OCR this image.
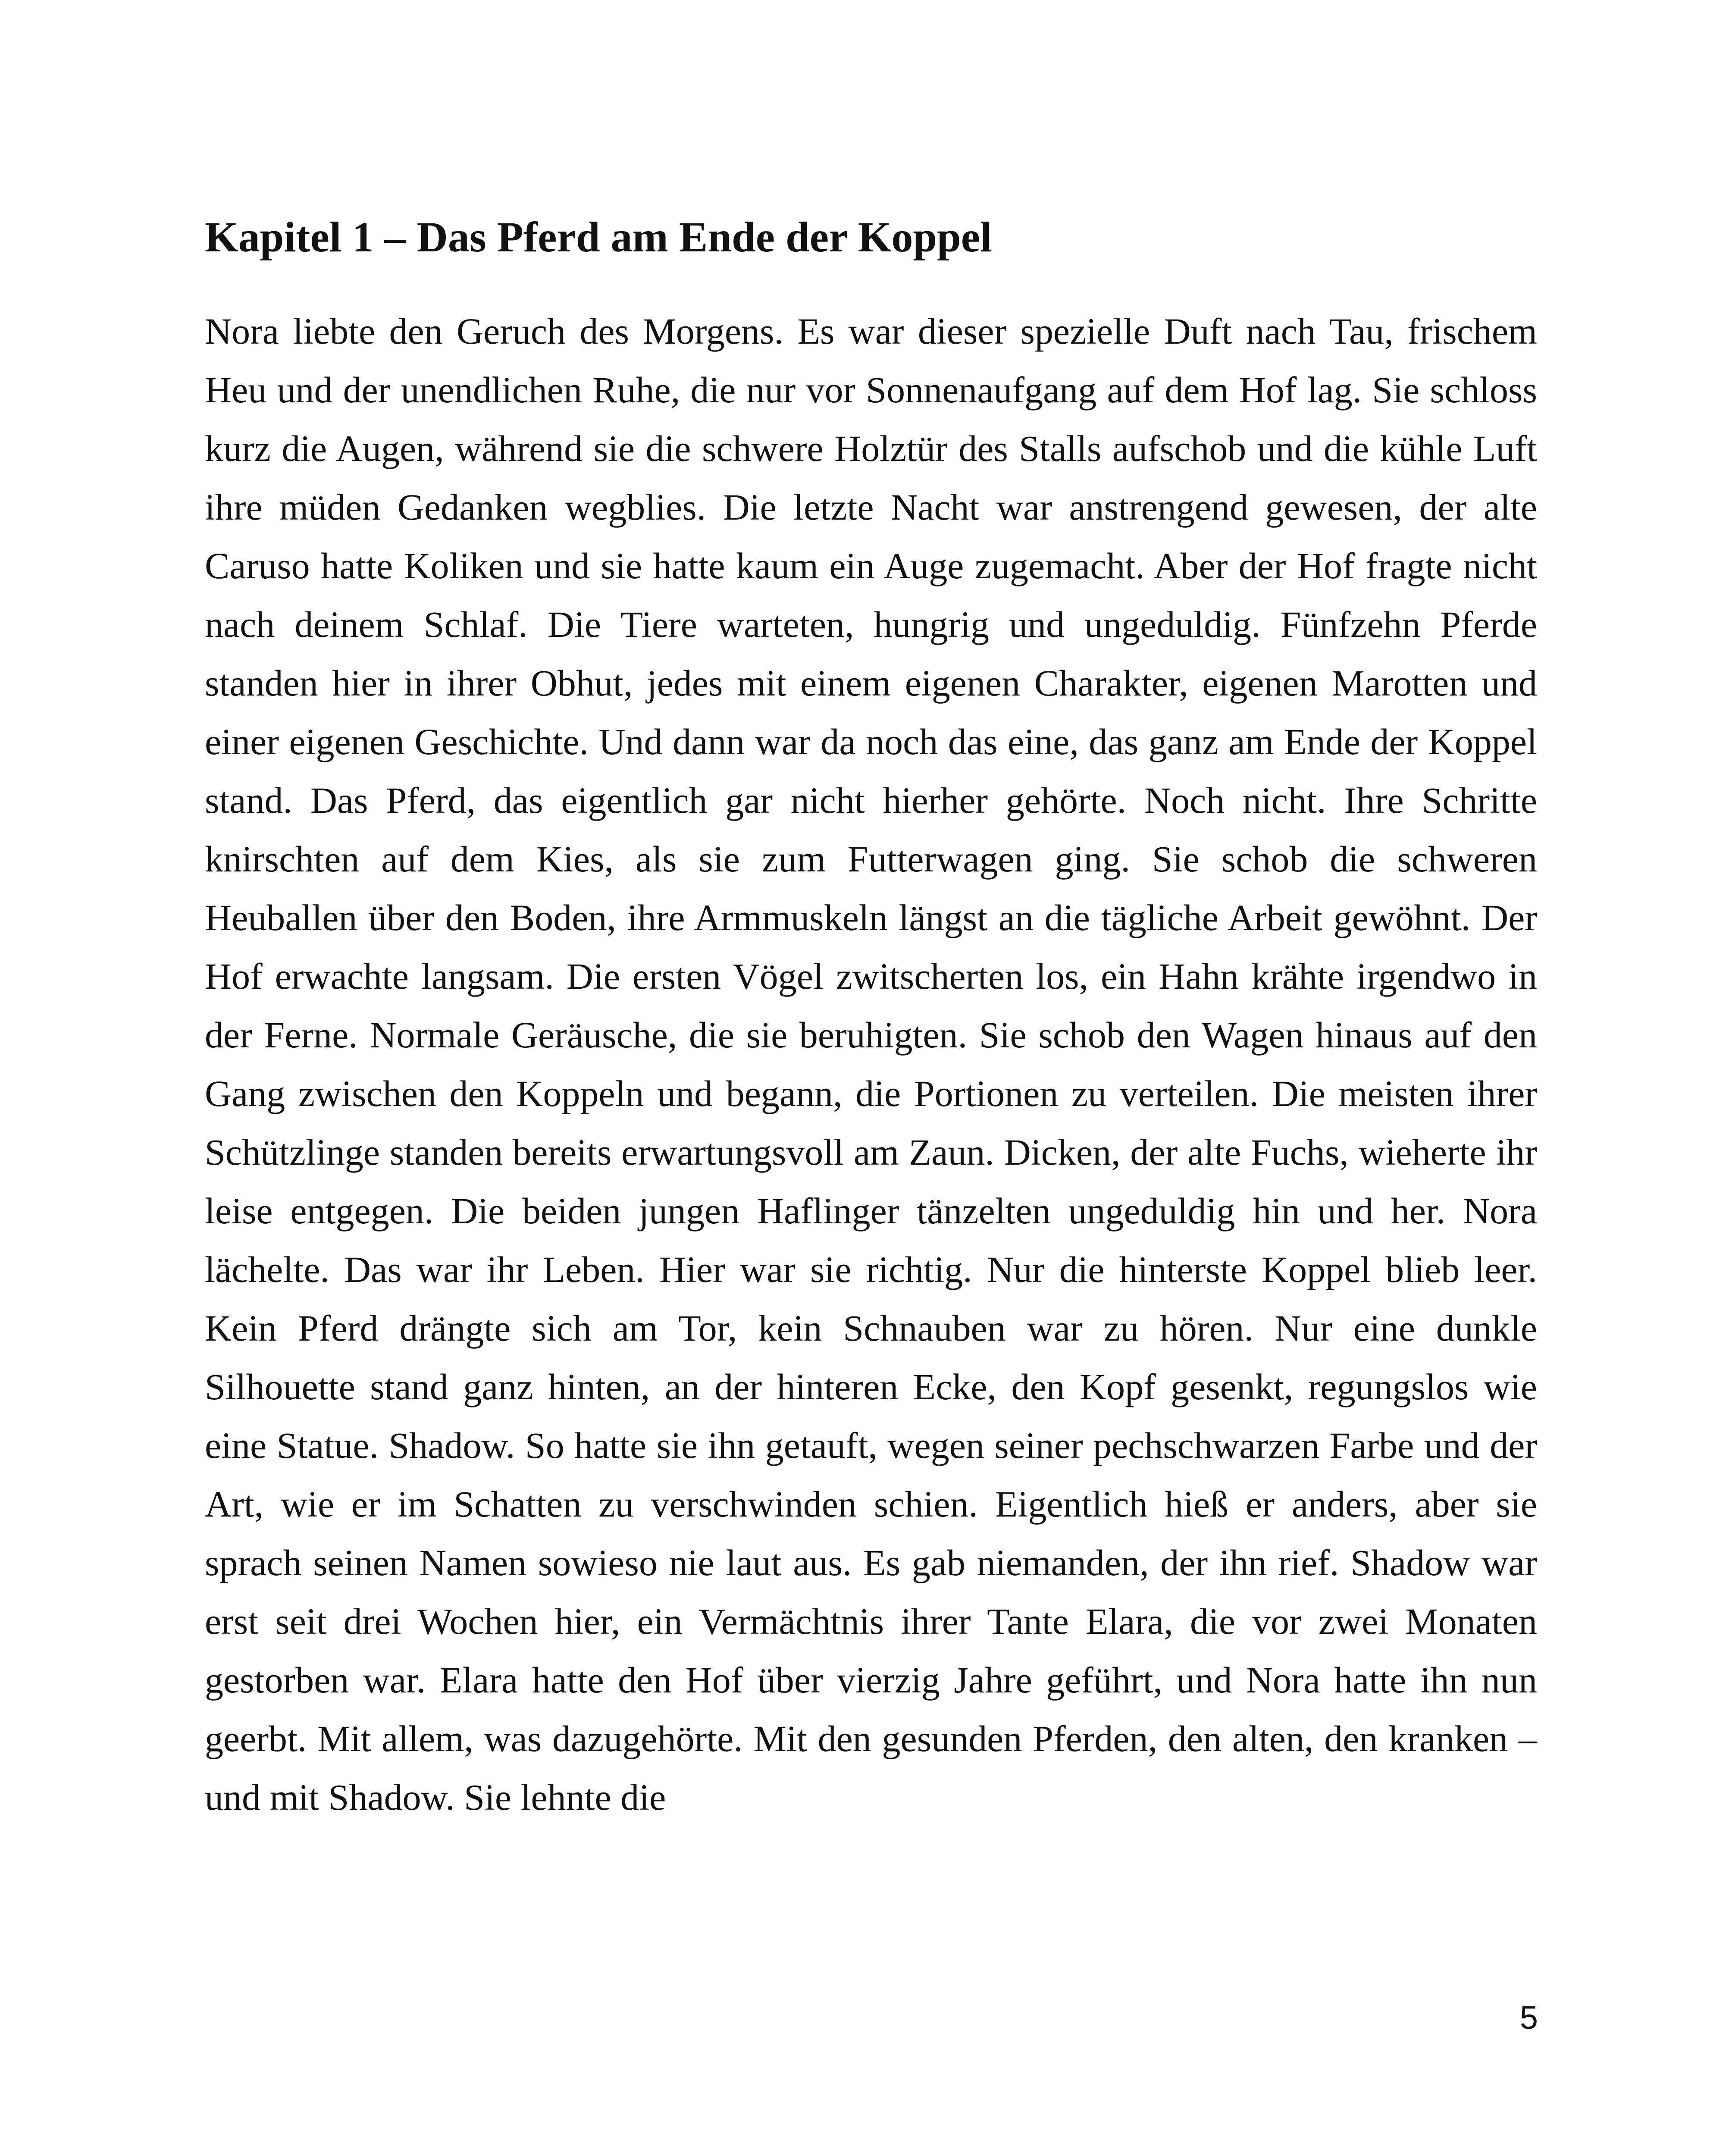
Kapitel 1 – Das Pferd am Ende der Koppel

Nora liebte den Geruch des Morgens. Es war dieser spezielle Duft nach Tau, frischem Heu und der unendlichen Ruhe, die nur vor Sonnenaufgang auf dem Hof lag. Sie schloss kurz die Augen, während sie die schwere Holztür des Stalls aufschob und die kühle Luft ihre müden Gedanken wegblies. Die letzte Nacht war anstrengend gewesen, der alte Caruso hatte Koliken und sie hatte kaum ein Auge zugemacht. Aber der Hof fragte nicht nach deinem Schlaf. Die Tiere warteten, hungrig und ungeduldig. Fünfzehn Pferde standen hier in ihrer Obhut, jedes mit einem eigenen Charakter, eigenen Marotten und einer eigenen Geschichte. Und dann war da noch das eine, das ganz am Ende der Koppel stand. Das Pferd, das eigentlich gar nicht hierher gehörte. Noch nicht. Ihre Schritte knirschten auf dem Kies, als sie zum Futterwagen ging. Sie schob die schweren Heuballen über den Boden, ihre Armmuskeln längst an die tägliche Arbeit gewöhnt. Der Hof erwachte langsam. Die ersten Vögel zwitscherten los, ein Hahn krähte irgendwo in der Ferne. Normale Geräusche, die sie beruhigten. Sie schob den Wagen hinaus auf den Gang zwischen den Koppeln und begann, die Portionen zu verteilen. Die meisten ihrer Schützlinge standen bereits erwartungsvoll am Zaun. Dicken, der alte Fuchs, wieherte ihr leise entgegen. Die beiden jungen Haflinger tänzelten ungeduldig hin und her. Nora lächelte. Das war ihr Leben. Hier war sie richtig. Nur die hinterste Koppel blieb leer. Kein Pferd drängte sich am Tor, kein Schnauben war zu hören. Nur eine dunkle Silhouette stand ganz hinten, an der hinteren Ecke, den Kopf gesenkt, regungslos wie eine Statue. Shadow. So hatte sie ihn getauft, wegen seiner pechschwarzen Farbe und der Art, wie er im Schatten zu verschwinden schien. Eigentlich hieß er anders, aber sie sprach seinen Namen sowieso nie laut aus. Es gab niemanden, der ihn rief. Shadow war erst seit drei Wochen hier, ein Vermächtnis ihrer Tante Elara, die vor zwei Monaten gestorben war. Elara hatte den Hof über vierzig Jahre geführt, und Nora hatte ihn nun geerbt. Mit allem, was dazugehörte. Mit den gesunden Pferden, den alten, den kranken – und mit Shadow. Sie lehnte die

5
